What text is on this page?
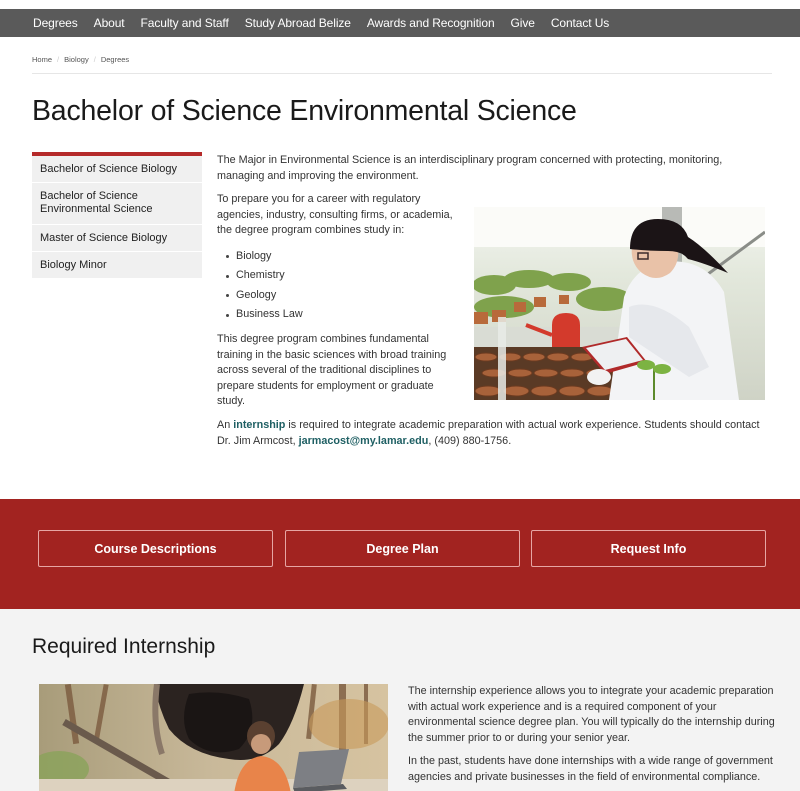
Degrees About Faculty and Staff Study Abroad Belize Awards and Recognition Give Contact Us
Home / Biology / Degrees
Bachelor of Science Environmental Science
Bachelor of Science Biology
Bachelor of Science Environmental Science
Master of Science Biology
Biology Minor

The Major in Environmental Science is an interdisciplinary program concerned with protecting, monitoring, managing and improving the environment.

To prepare you for a career with regulatory agencies, industry, consulting firms, or academia, the degree program combines study in:

Biology
Chemistry
Geology
Business Law

This degree program combines fundamental training in the basic sciences with broad training across several of the traditional disciplines to prepare students for employment or graduate study.

An internship is required to integrate academic preparation with actual work experience. Students should contact Dr. Jim Armcost, jarmacost@my.lamar.edu, (409) 880-1756.

Course Descriptions	Degree Plan	Request Info
Required Internship

The internship experience allows you to integrate your academic preparation with actual work experience and is a required component of your environmental science degree plan. You will typically do the internship during the summer prior to or during your senior year.

In the past, students have done internships with a wide range of government agencies and private businesses in the field of environmental compliance.
